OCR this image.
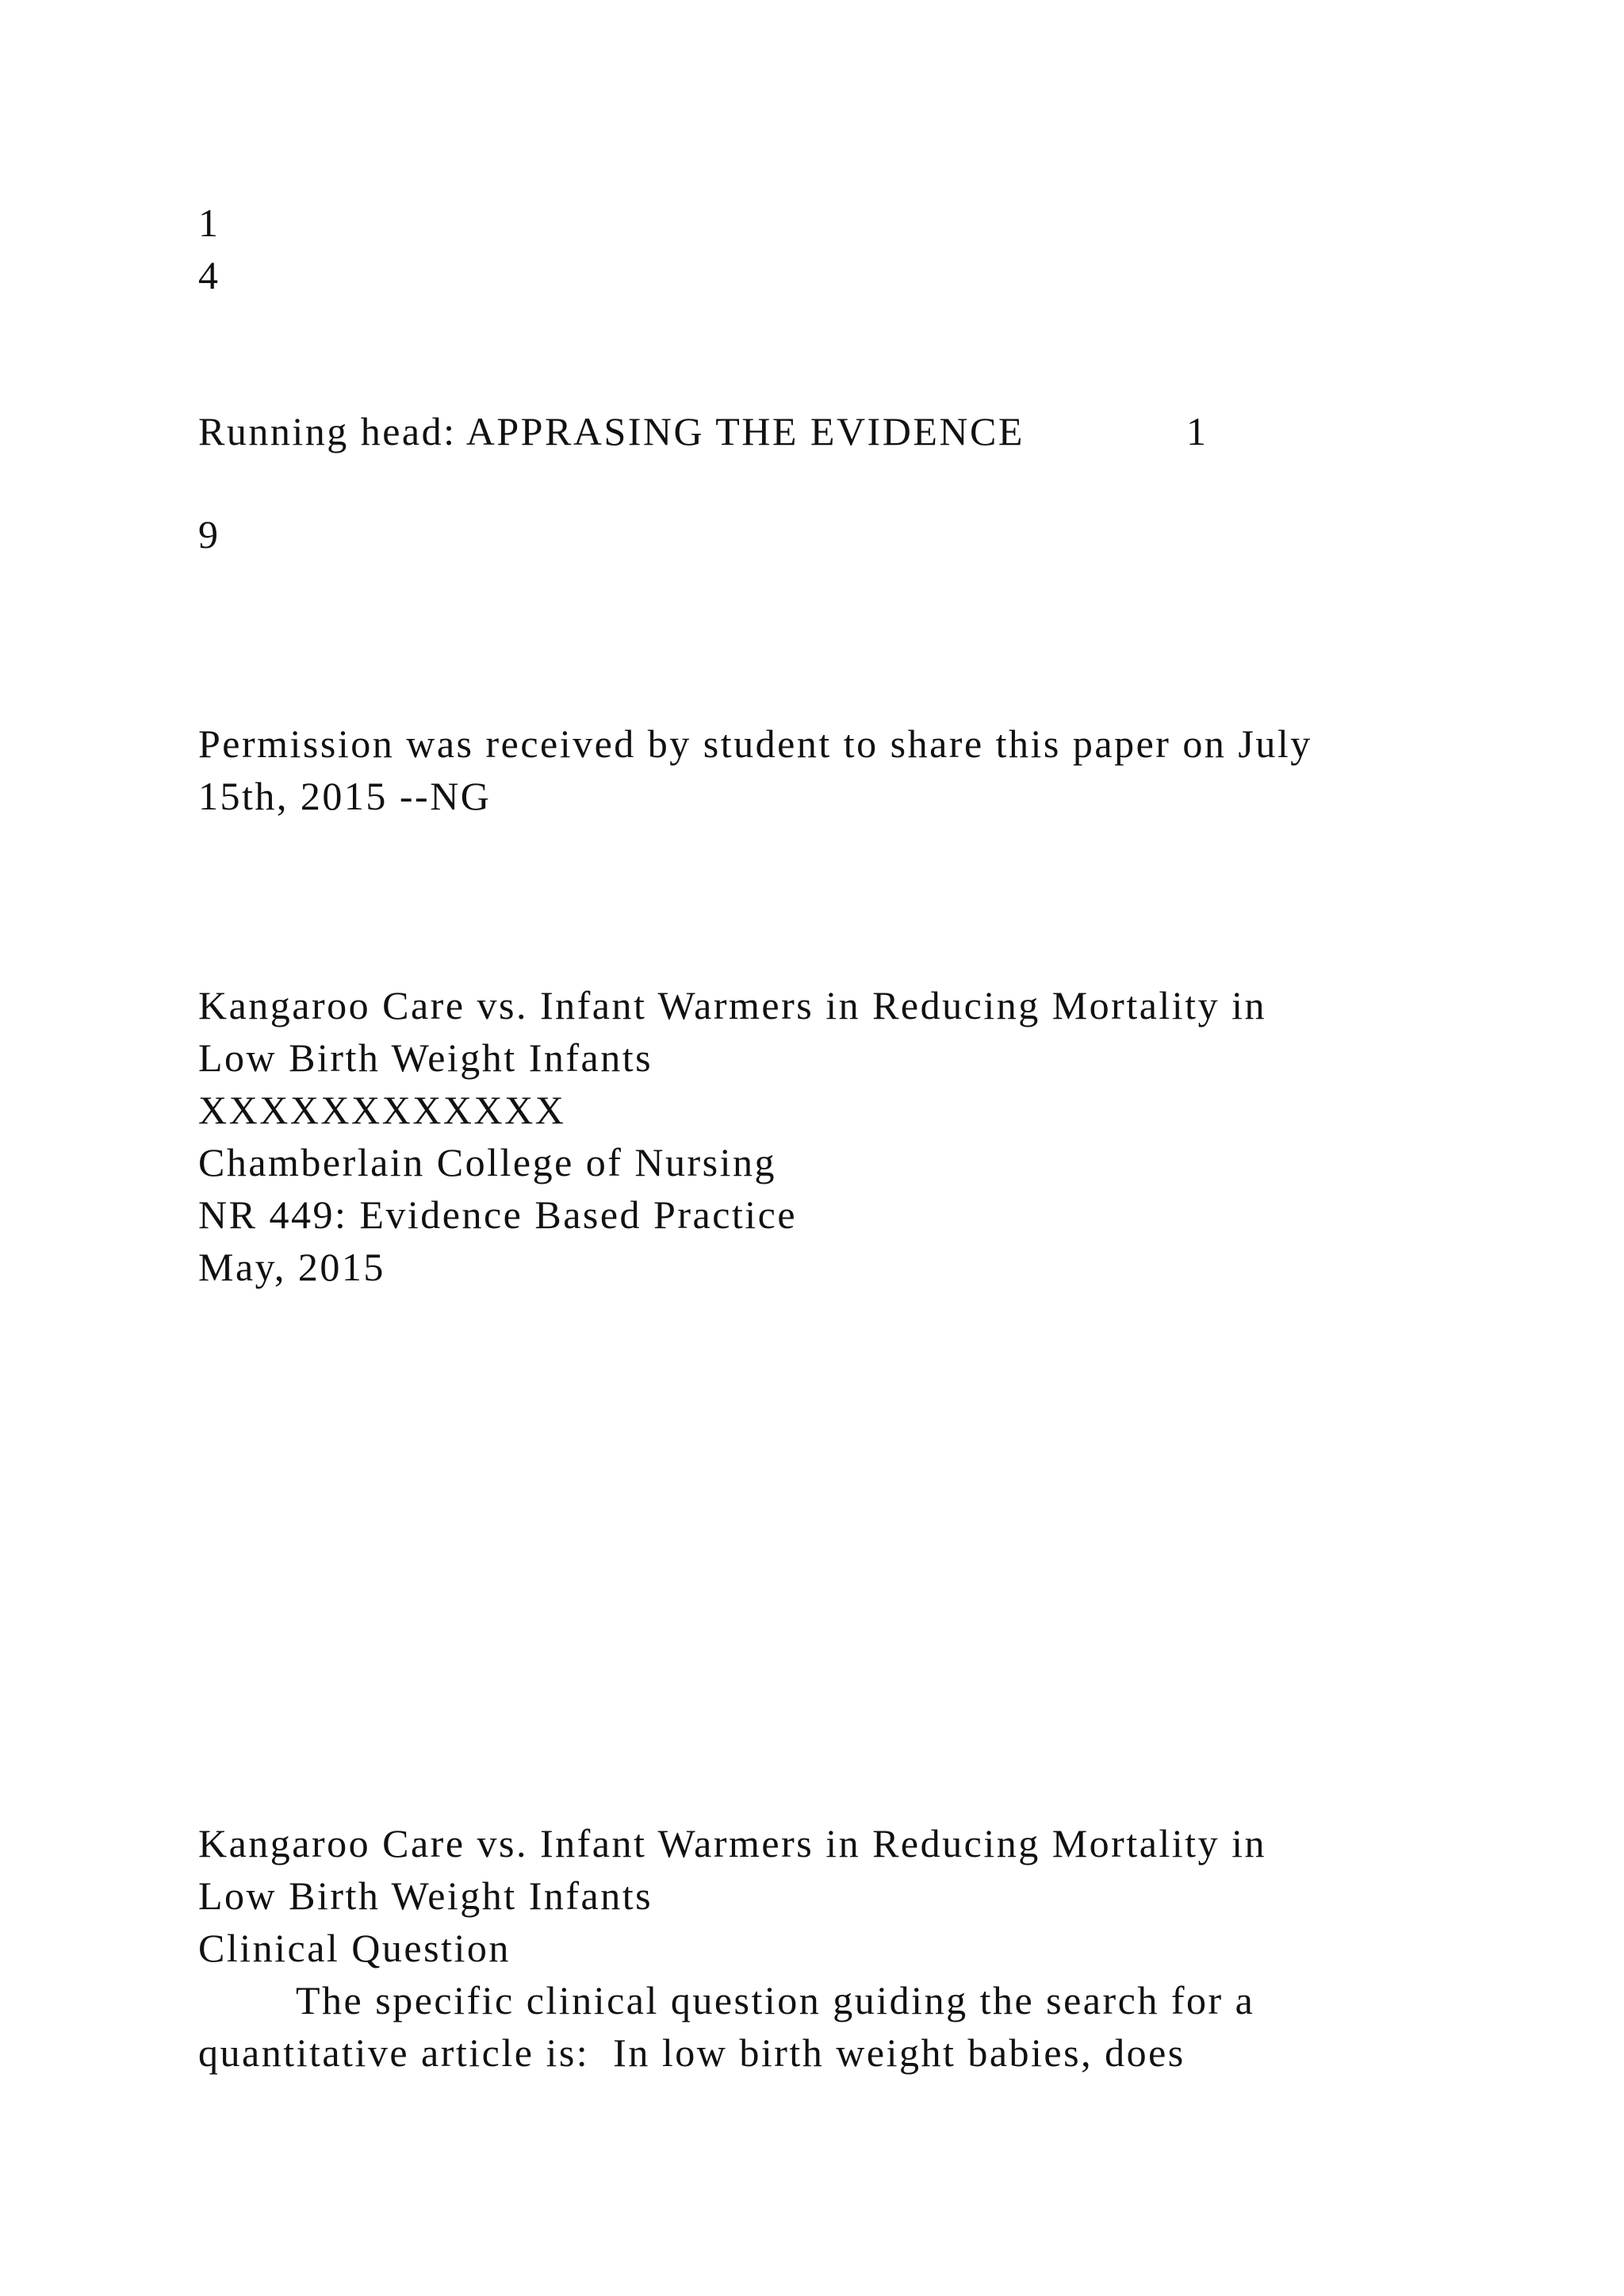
1
4
Running head: APPRASING THE EVIDENCE	1
9
Permission was received by student to share this paper on July
15th, 2015 --NG
Kangaroo Care vs. Infant Warmers in Reducing Mortality in
Low Birth Weight Infants
XXXXXXXXXXXX
Chamberlain College of Nursing
NR 449: Evidence Based Practice
May, 2015
Kangaroo Care vs. Infant Warmers in Reducing Mortality in
Low Birth Weight Infants
Clinical Question
The specific clinical question guiding the search for a
quantitative article is:  In low birth weight babies, does
